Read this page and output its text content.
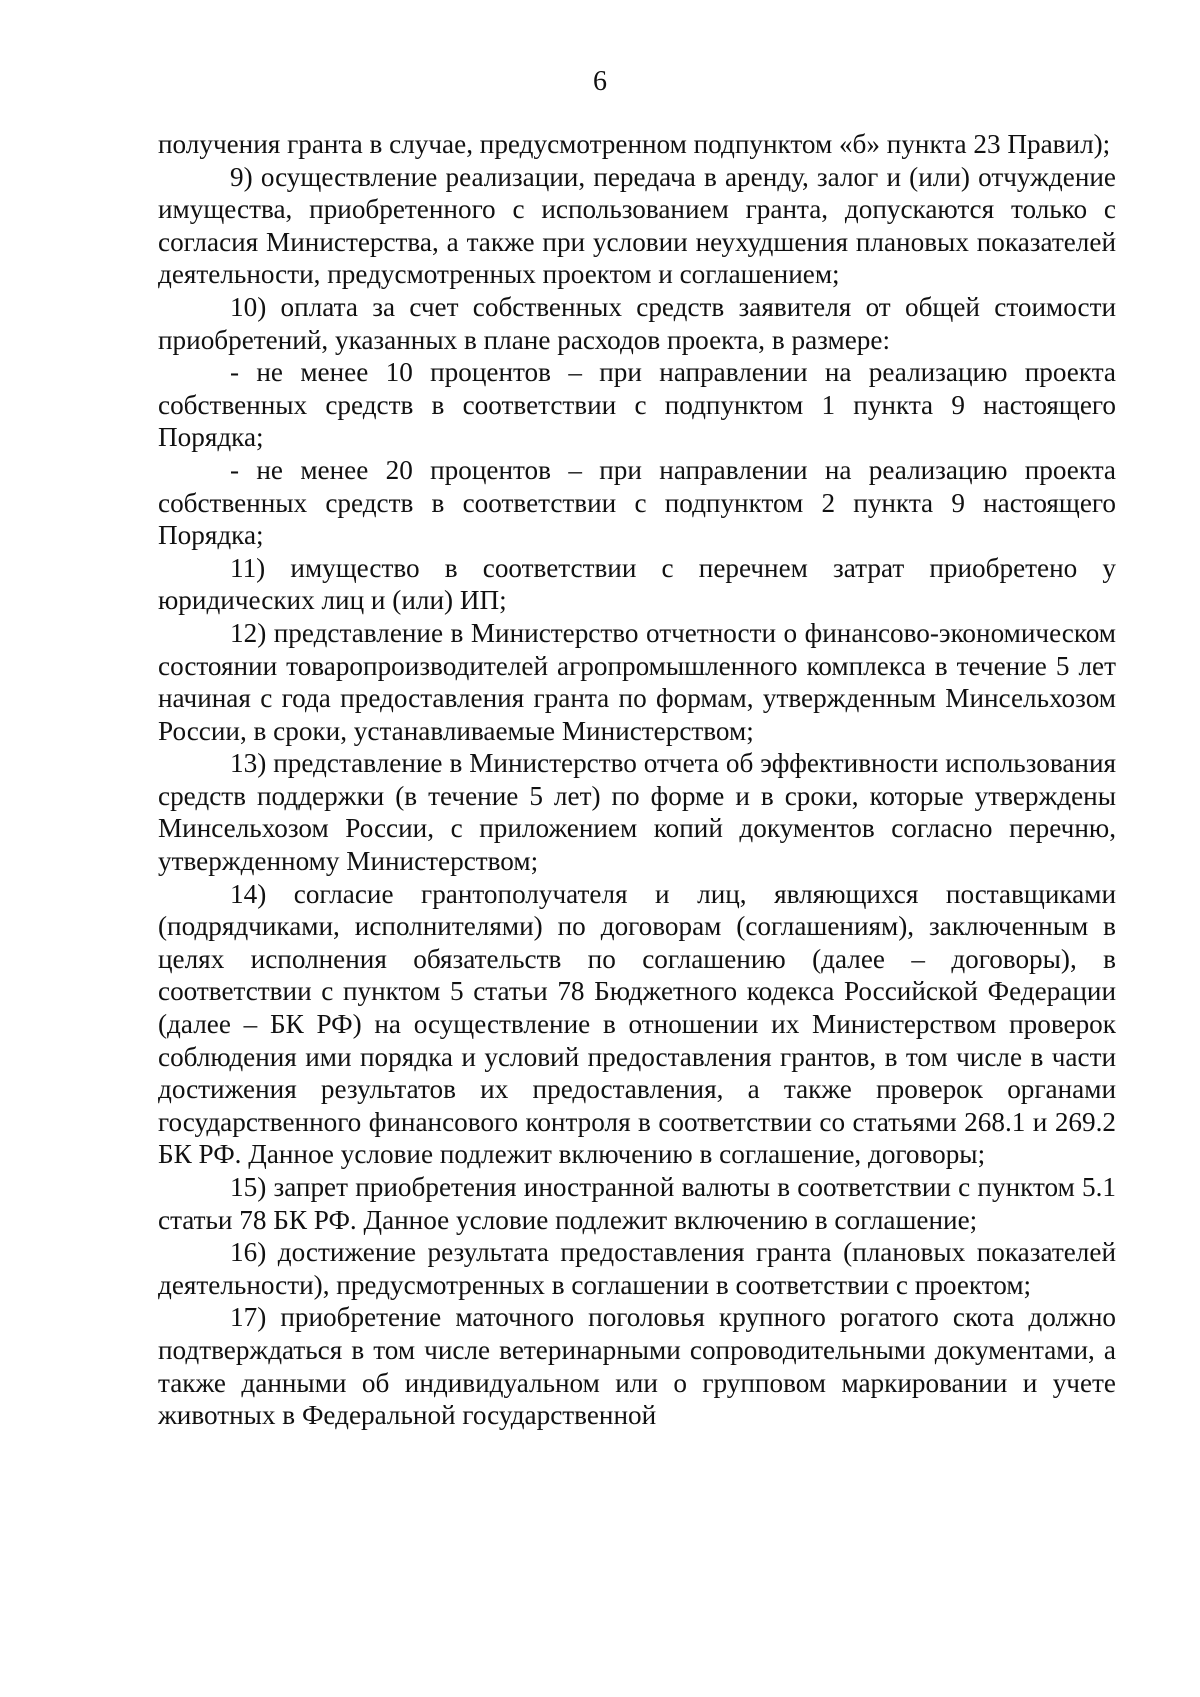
6

получения гранта в случае, предусмотренном подпунктом «б» пункта 23 Правил);

9) осуществление реализации, передача в аренду, залог и (или) отчуждение имущества, приобретенного с использованием гранта, допускаются только с согласия Министерства, а также при условии неухудшения плановых показателей деятельности, предусмотренных проектом и соглашением;

10) оплата за счет собственных средств заявителя от общей стоимости приобретений, указанных в плане расходов проекта, в размере:

- не менее 10 процентов – при направлении на реализацию проекта собственных средств в соответствии с подпунктом 1 пункта 9 настоящего Порядка;

- не менее 20 процентов – при направлении на реализацию проекта собственных средств в соответствии с подпунктом 2 пункта 9 настоящего Порядка;

11) имущество в соответствии с перечнем затрат приобретено у юридических лиц и (или) ИП;

12) представление в Министерство отчетности о финансово-экономическом состоянии товаропроизводителей агропромышленного комплекса в течение 5 лет начиная с года предоставления гранта по формам, утвержденным Минсельхозом России, в сроки, устанавливаемые Министерством;

13) представление в Министерство отчета об эффективности использования средств поддержки (в течение 5 лет) по форме и в сроки, которые утверждены Минсельхозом России, с приложением копий документов согласно перечню, утвержденному Министерством;

14) согласие грантополучателя и лиц, являющихся поставщиками (подрядчиками, исполнителями) по договорам (соглашениям), заключенным в целях исполнения обязательств по соглашению (далее – договоры), в соответствии с пунктом 5 статьи 78 Бюджетного кодекса Российской Федерации (далее – БК РФ) на осуществление в отношении их Министерством проверок соблюдения ими порядка и условий предоставления грантов, в том числе в части достижения результатов их предоставления, а также проверок органами государственного финансового контроля в соответствии со статьями 268.1 и 269.2 БК РФ. Данное условие подлежит включению в соглашение, договоры;

15) запрет приобретения иностранной валюты в соответствии с пунктом 5.1 статьи 78 БК РФ. Данное условие подлежит включению в соглашение;

16) достижение результата предоставления гранта (плановых показателей деятельности), предусмотренных в соглашении в соответствии с проектом;

17) приобретение маточного поголовья крупного рогатого скота должно подтверждаться в том числе ветеринарными сопроводительными документами, а также данными об индивидуальном или о групповом маркировании и учете животных в Федеральной государственной
